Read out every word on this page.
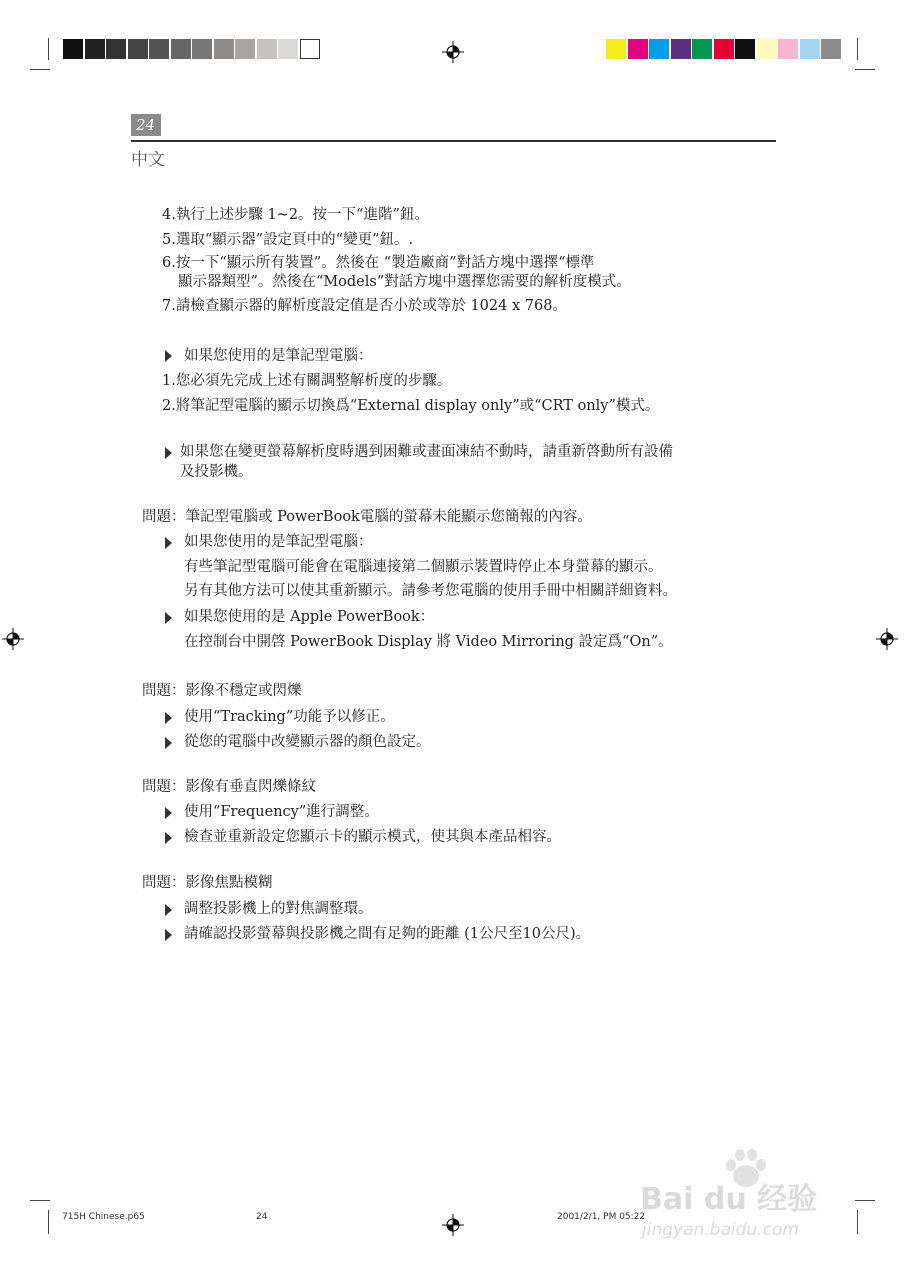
24
中文
4.執行上述步驟 1~2。按一下“進階”鈕。
5.選取“顯示器”設定頁中的“變更”鈕。.
6.按一下“顯示所有裝置”。然後在 “製造廠商”對話方塊中選擇“標準
顯示器類型”。然後在“Models”對話方塊中選擇您需要的解析度模式。
7.請檢查顯示器的解析度設定值是否小於或等於 1024 x 768。
如果您使用的是筆記型電腦：
1.您必須先完成上述有關調整解析度的步驟。
2.將筆記型電腦的顯示切換爲“External display only”或“CRT only”模式。
如果您在變更螢幕解析度時遇到困難或畫面凍結不動時，請重新啓動所有設備
及投影機。
問題：筆記型電腦或 PowerBook電腦的螢幕未能顯示您簡報的內容。
如果您使用的是筆記型電腦：
有些筆記型電腦可能會在電腦連接第二個顯示裝置時停止本身螢幕的顯示。
另有其他方法可以使其重新顯示。請參考您電腦的使用手冊中相關詳細資料。
如果您使用的是 Apple PowerBook：
在控制台中開啓 PowerBook Display 將 Video Mirroring 設定爲“On”。
問題：影像不穩定或閃爍
使用“Tracking”功能予以修正。
從您的電腦中改變顯示器的顏色設定。
問題：影像有垂直閃爍條紋
使用“Frequency”進行調整。
檢查並重新設定您顯示卡的顯示模式，使其與本產品相容。
問題：影像焦點模糊
調整投影機上的對焦調整環。
請確認投影螢幕與投影機之間有足夠的距離 (1公尺至10公尺)。
715H Chinese.p65	24	2001/2/1, PM 05:22
Bai du 经验
jingyan.baidu.com
